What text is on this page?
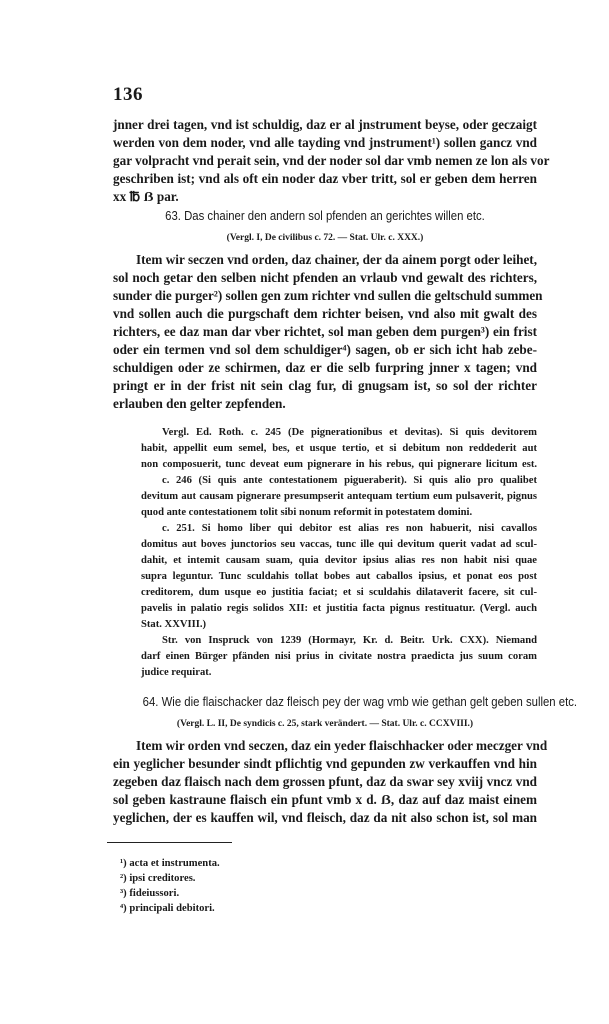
136
jnner drei tagen, vnd ist schuldig, daz er al jnstrument beyse, oder geczaigt
werden von dem noder, vnd alle tayding vnd jnstrument¹) sollen gancz vnd
gar volpracht vnd perait sein, vnd der noder sol dar vmb nemen ze lon als vor
geschriben ist; vnd als oft ein noder daz vber tritt, sol er geben dem herren
xx ℔ ẞ par.
63. Das chainer den andern sol pfenden an gerichtes willen etc.
(Vergl. I, De civilibus c. 72. — Stat. Ulr. c. XXX.)
Item wir seczen vnd orden, daz chainer, der da ainem porgt oder leihet,
sol noch getar den selben nicht pfenden an vrlaub vnd gewalt des richters,
sunder die purger²) sollen gen zum richter vnd sullen die geltschuld summen
vnd sollen auch die purgschaft dem richter beisen, vnd also mit gwalt des
richters, ee daz man dar vber richtet, sol man geben dem purgen³) ein frist
oder ein termen vnd sol dem schuldiger⁴) sagen, ob er sich icht hab zebe-
schuldigen oder ze schirmen, daz er die selb furpring jnner x tagen; vnd
pringt er in der frist nit sein clag fur, di gnugsam ist, so sol der richter
erlauben den gelter zepfenden.
Vergl. Ed. Roth. c. 245 (De pignerationibus et devitas). Si quis devitorem
habit, appellit eum semel, bes, et usque tertio, et si debitum non reddederit aut
non composuerit, tunc deveat eum pignerare in his rebus, qui pignerare licitum est.
c. 246 (Si quis ante contestationem pigueraberit). Si quis alio pro qualibet
devitum aut causam pignerare presumpserit antequam tertium eum pulsaverit, pignus
quod ante contestationem tolit sibi nonum reformit in potestatem domini.
c. 251. Si homo liber qui debitor est alias res non habuerit, nisi cavallos
domitus aut boves junctorios seu vaccas, tunc ille qui devitum querit vadat ad scul-
dahit, et intemit causam suam, quia devitor ipsius alias res non habit nisi quae
supra leguntur. Tunc sculdahis tollat bobes aut caballos ipsius, et ponat eos post
creditorem, dum usque eo justitia faciat; et si sculdahis dilataverit facere, sit cul-
pavelis in palatio regis solidos XII: et justitia facta pignus restituatur. (Vergl. auch
Stat. XXVIII.)
Str. von Inspruck von 1239 (Hormayr, Kr. d. Beitr. Urk. CXX). Niemand
darf einen Bürger pfänden nisi prius in civitate nostra praedicta jus suum coram
judice requirat.
64. Wie die flaischacker daz fleisch pey der wag vmb wie gethan gelt geben sullen etc.
(Vergl. L. II, De syndicis c. 25, stark verändert. — Stat. Ulr. c. CCXVIII.)
Item wir orden vnd seczen, daz ein yeder flaischhacker oder meczger vnd
ein yeglicher besunder sindt pflichtig vnd gepunden zw verkauffen vnd hin
zegeben daz flaisch nach dem grossen pfunt, daz da swar sey xviij vncz vnd
sol geben kastraune flaisch ein pfunt vmb x d. ẞ, daz auf daz maist einem
yeglichen, der es kauffen wil, vnd fleisch, daz da nit also schon ist, sol man
¹) acta et instrumenta.
²) ipsi creditores.
³) fideiussori.
⁴) principali debitori.
